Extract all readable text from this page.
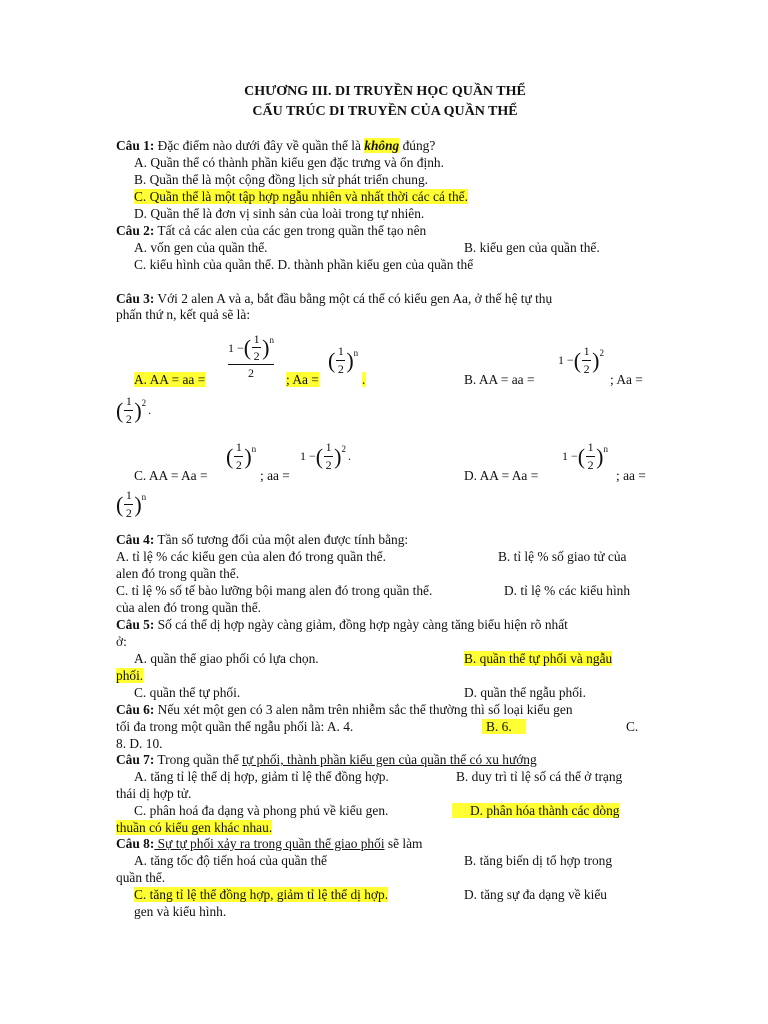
CHƯƠNG III. DI TRUYỀN HỌC QUẦN THỂ
CẤU TRÚC DI TRUYỀN CỦA QUẦN THỂ
Câu 1: Đặc điểm nào dưới đây về quần thể là không đúng?
A. Quần thể có thành phần kiểu gen đặc trưng và ổn định.
B. Quần thể là một cộng đồng lịch sử phát triển chung.
C. Quần thể là một tập hợp ngẫu nhiên và nhất thời các cá thể.
D. Quần thể là đơn vị sinh sản của loài trong tự nhiên.
Câu 2: Tất cả các alen của các gen trong quần thể tạo nên
A. vốn gen của quần thể.	B. kiểu gen của quần thể.
C. kiểu hình của quần thể. D. thành phần kiểu gen của quần thể
Câu 3: Với 2 alen A và a, bắt đầu bằng một cá thể có kiểu gen Aa, ở thế hệ tự thụ
phấn thứ n, kết quả sẽ là:
A. AA = aa =
1 − ( 1
2 ) n
2 ; Aa =
( 1
2 ) n
.	B. AA = aa =
1 − ( 1
2 ) 2
; Aa =
( 1
2 ) 2
.
C. AA = Aa =
( 1
2 ) n
; aa =
1 − ( 1
2 ) 2
.
D. AA = Aa =
1 − ( 1
2 ) n
; aa =
( 1
2 ) n
Câu 4: Tần số tương đối của một alen được tính bằng:
A. tỉ lệ % các kiểu gen của alen đó trong quần thể.	B. tỉ lệ % số giao tử của
alen đó trong quần thể.
C. tỉ lệ % số tế bào lưỡng bội mang alen đó trong quần thể.	D. tỉ lệ % các kiểu hình
của alen đó trong quần thể.
Câu 5: Số cá thể dị hợp ngày càng giảm, đồng hợp ngày càng tăng biểu hiện rõ nhất
ở:
A. quần thể giao phối có lựa chọn.	B. quần thể tự phối và ngẫu
phối.
C. quần thể tự phối.	D. quần thể ngẫu phối.
Câu 6: Nếu xét một gen có 3 alen nằm trên nhiễm sắc thể thường thì số loại kiểu gen
tối đa trong một quần thể ngẫu phối là: A. 4.	B. 6.	C.
8. D. 10.
Câu 7: Trong quần thể tự phối, thành phần kiểu gen của quần thể có xu hướng
A. tăng tỉ lệ thể dị hợp, giảm tỉ lệ thể đồng hợp.	B. duy trì tỉ lệ số cá thể ở trạng
thái dị hợp tử.
C. phân hoá đa dạng và phong phú về kiểu gen.	D. phân hóa thành các dòng
thuần có kiểu gen khác nhau.
Câu 8: Sự tự phối xảy ra trong quần thể giao phối sẽ làm
A. tăng tốc độ tiến hoá của quần thể	B. tăng biến dị tổ hợp trong
quần thể.
C. tăng tỉ lệ thể đồng hợp, giảm tỉ lệ thể dị hợp.	D. tăng sự đa dạng về kiểu
gen và kiểu hình.
